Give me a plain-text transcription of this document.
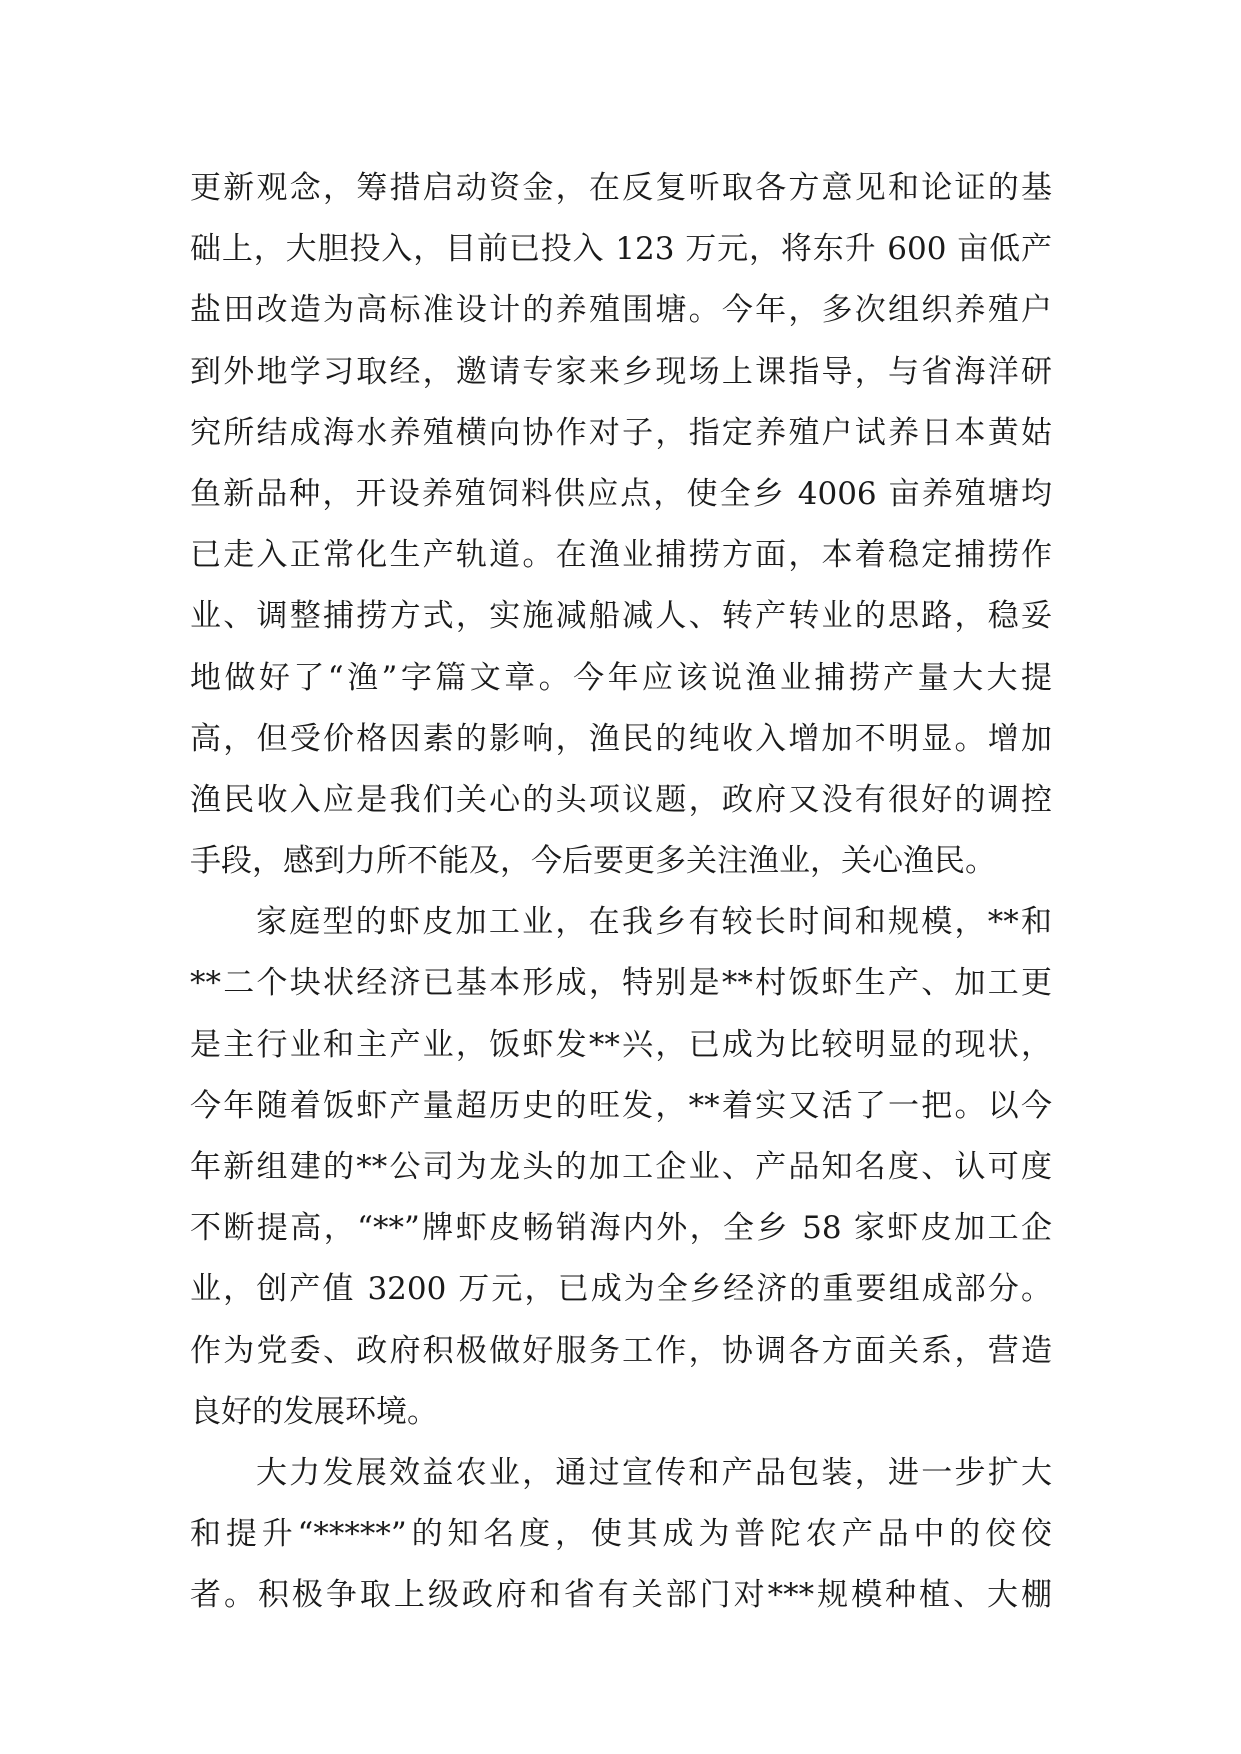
更新观念，筹措启动资金，在反复听取各方意见和论证的基
础上，大胆投入，目前已投入 123 万元，将东升 600 亩低产
盐田改造为高标准设计的养殖围塘。今年，多次组织养殖户
到外地学习取经，邀请专家来乡现场上课指导，与省海洋研
究所结成海水养殖横向协作对子，指定养殖户试养日本黄姑
鱼新品种，开设养殖饲料供应点，使全乡 4006 亩养殖塘均
已走入正常化生产轨道。在渔业捕捞方面，本着稳定捕捞作
业、调整捕捞方式，实施减船减人、转产转业的思路，稳妥
地做好了“渔”字篇文章。今年应该说渔业捕捞产量大大提
高，但受价格因素的影响，渔民的纯收入增加不明显。增加
渔民收入应是我们关心的头项议题，政府又没有很好的调控
手段，感到力所不能及，今后要更多关注渔业，关心渔民。
家庭型的虾皮加工业，在我乡有较长时间和规模，**和
**二个块状经济已基本形成，特别是**村饭虾生产、加工更
是主行业和主产业，饭虾发**兴，已成为比较明显的现状，
今年随着饭虾产量超历史的旺发，**着实又活了一把。以今
年新组建的**公司为龙头的加工企业、产品知名度、认可度
不断提高，“**”牌虾皮畅销海内外，全乡 58 家虾皮加工企
业，创产值 3200 万元，已成为全乡经济的重要组成部分。
作为党委、政府积极做好服务工作，协调各方面关系，营造
良好的发展环境。
大力发展效益农业，通过宣传和产品包装，进一步扩大
和提升“*****”的知名度，使其成为普陀农产品中的佼佼
者。积极争取上级政府和省有关部门对***规模种植、大棚
